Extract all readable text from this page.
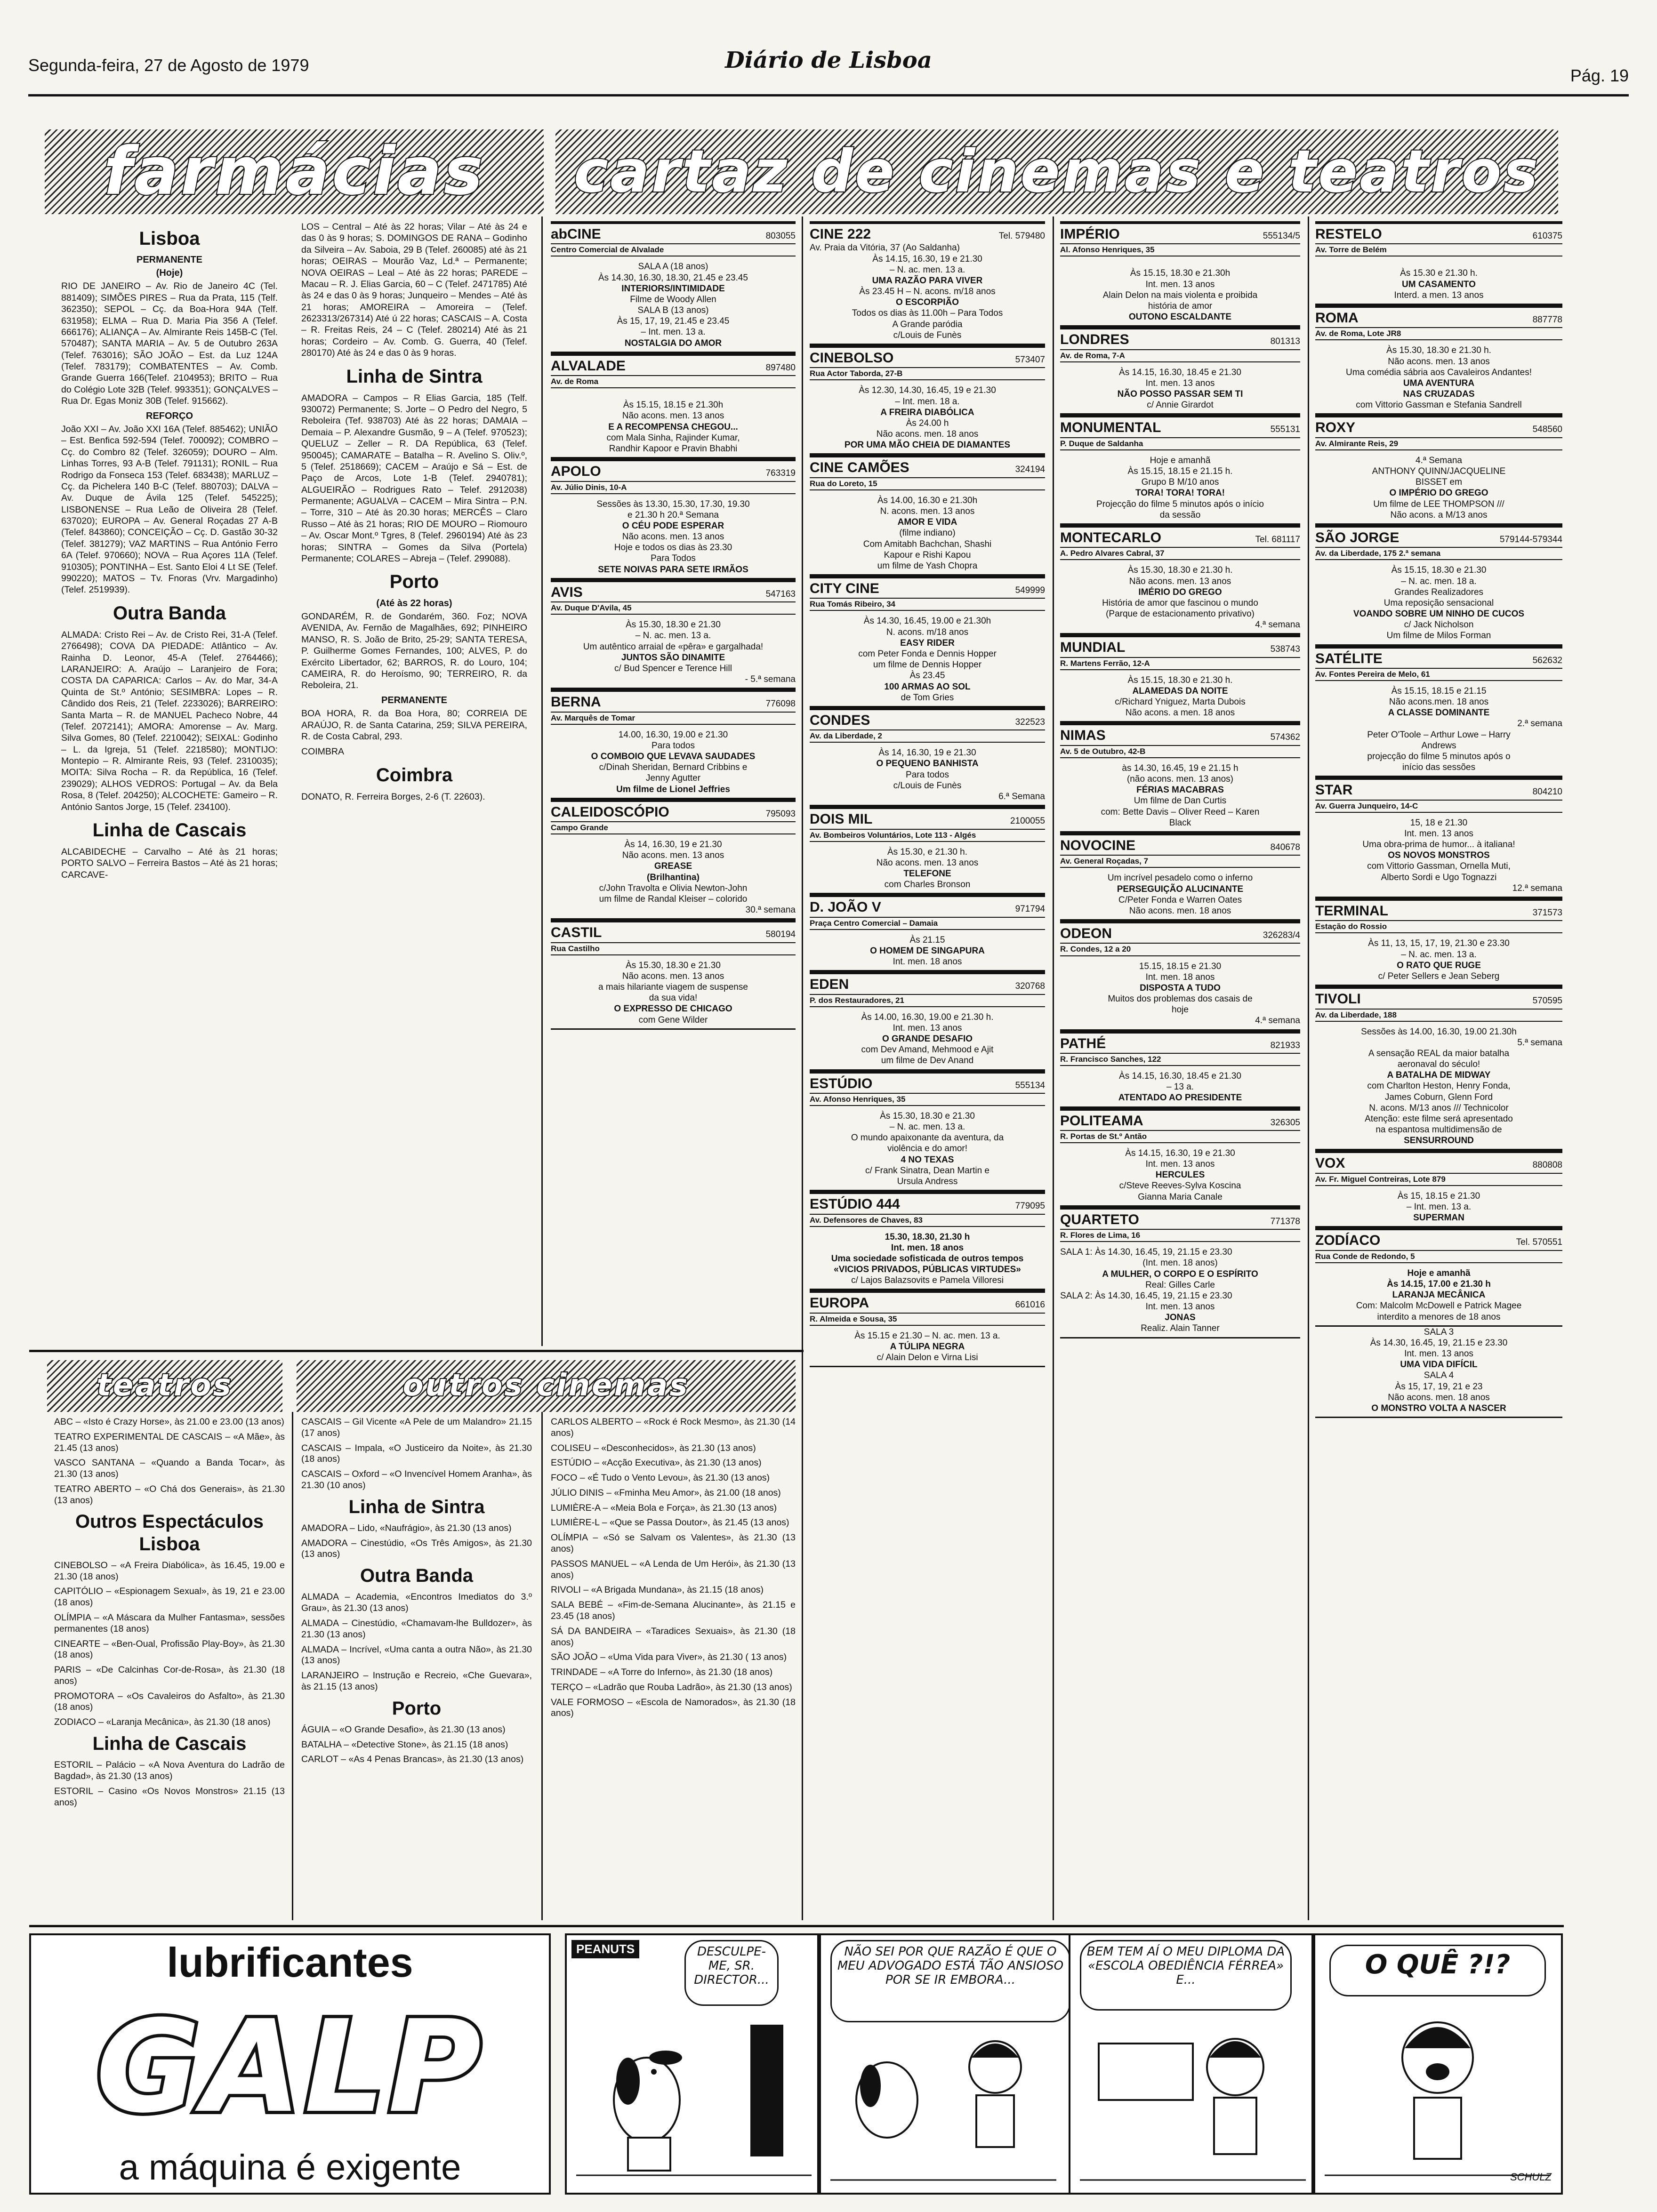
Segunda-feira, 27 de Agosto de 1979	Diário de Lisboa
Pág. 19
farmácias cartaz de cinemas e teatros
Lisboa
PERMANENTE
(Hoje)
RIO DE JANEIRO – Av. Rio de Janeiro 4C (Tel. 881409); SIMÕES PIRES – Rua da Prata, 115 (Telf. 362350); SEPOL – Cç. da Boa-Hora 94A (Telf. 631958); ELMA – Rua D. Maria Pia 356 A (Telef. 666176); ALIANÇA – Av. Almirante Reis 145B-C (Tel. 570487); SANTA MARIA – Av. 5 de Outubro 263A (Telef. 763016); SÃO JOÃO – Est. da Luz 124A (Telef. 783179); COMBATENTES – Av. Comb. Grande Guerra 166(Telef. 2104953); BRITO – Rua do Colégio Lote 32B (Telef. 993351); GONÇALVES – Rua Dr. Egas Moniz 30B (Telef. 915662).
REFORÇO
João XXI – Av. João XXI 16A (Telef. 885462); UNIÃO – Est. Benfica 592-594 (Telef. 700092); COMBRO – Cç. do Combro 82 (Telef. 326059); DOURO – Alm. Linhas Torres, 93 A-B (Telef. 791131); RONIL – Rua Rodrigo da Fonseca 153 (Telef. 683438); MARLUZ – Cç. da Pichelera 140 B-C (Telef. 880703); DALVA – Av. Duque de Ávila 125 (Telef. 545225); LISBONENSE – Rua Leão de Oliveira 28 (Telef. 637020); EUROPA – Av. General Roçadas 27 A-B (Telef. 843860); CONCEIÇÃO – Cç. D. Gastão 30-32 (Telef. 381279); VAZ MARTINS – Rua António Ferro 6A (Telef. 970660); NOVA – Rua Açores 11A (Telef. 910305); PONTINHA – Est. Santo Eloi 4 Lt SE (Telef. 990220); MATOS – Tv. Fnoras (Vrv. Margadinho) (Telef. 2519939).
Outra Banda
ALMADA: Cristo Rei – Av. de Cristo Rei, 31-A (Telef. 2766498); COVA DA PIEDADE: Atlântico – Av. Rainha D. Leonor, 45-A (Telef. 2764466); LARANJEIRO: A. Araújo – Laranjeiro de Fora; COSTA DA CAPARICA: Carlos – Av. do Mar, 34-A Quinta de St.º António; SESIMBRA: Lopes – R. Cândido dos Reis, 21 (Telef. 2233026); BARREIRO: Santa Marta – R. de MANUEL Pacheco Nobre, 44 (Telef. 2072141); AMORA: Amorense – Av. Marg. Silva Gomes, 80 (Telef. 2210042); SEIXAL: Godinho – L. da Igreja, 51 (Telef. 2218580); MONTIJO: Montepio – R. Almirante Reis, 93 (Telef. 2310035); MOITA: Silva Rocha – R. da República, 16 (Telef. 239029); ALHOS VEDROS: Portugal – Av. da Bela Rosa, 8 (Telef. 204250); ALCOCHETE: Gameiro – R. António Santos Jorge, 15 (Telef. 234100).
Linha de Cascais
ALCABIDECHE – Carvalho – Até às 21 horas; PORTO SALVO – Ferreira Bastos – Até às 21 horas; CARCAVE-
LOS – Central – Até às 22 horas; Vilar – Até às 24 e das 0 às 9 horas; S. DOMINGOS DE RANA – Godinho da Silveira – Av. Saboia, 29 B (Telef. 260085) até às 21 horas; OEIRAS – Mourão Vaz, Ld.ª – Permanente; NOVA OEIRAS – Leal – Até às 22 horas; PAREDE – Macau – R. J. Elias Garcia, 60 – C (Telef. 2471785) Até às 24 e das 0 às 9 horas; Junqueiro – Mendes – Até às 21 horas; AMOREIRA – Amoreira – (Telef. 2623313/267314) Até ú 22 horas; CASCAIS – A. Costa – R. Freitas Reis, 24 – C (Telef. 280214) Até às 21 horas; Cordeiro – Av. Comb. G. Guerra, 40 (Telef. 280170) Até às 24 e das 0 às 9 horas.
Linha de Sintra
AMADORA – Campos – R Elias Garcia, 185 (Telf. 930072) Permanente; S. Jorte – O Pedro del Negro, 5 Reboleira (Tef. 938703) Até às 22 horas; DAMAIA – Demaia – P. Alexandre Gusmão, 9 – A (Telef. 970523); QUELUZ – Zeller – R. DA República, 63 (Telef. 950045); CAMARATE – Batalha – R. Avelino S. Oliv.º, 5 (Telef. 2518669); CACEM – Araújo e Sá – Est. de Paço de Arcos, Lote 1-B (Telef. 2940781); ALGUEIRÃO – Rodrigues Rato – Telef. 2912038) Permanente; AGUALVA – CACEM – Mira Sintra – P.N. – Torre, 310 – Até às 20.30 horas; MERCÊS – Claro Russo – Até às 21 horas; RIO DE MOURO – Riomouro – Av. Oscar Mont.º Tgres, 8 (Telef. 2960194) Até às 23 horas; SINTRA – Gomes da Silva (Portela) Permanente; COLARES – Abreja – (Telef. 299088).
Porto
(Até às 22 horas)
GONDARÉM, R. de Gondarém, 360. Foz; NOVA AVENIDA, Av. Fernão de Magalhães, 692; PINHEIRO MANSO, R. S. João de Brito, 25-29; SANTA TERESA, P. Guilherme Gomes Fernandes, 100; ALVES, P. do Exército Libertador, 62; BARROS, R. do Louro, 104; CAMEIRA, R. do Heroísmo, 90; TERREIRO, R. da Reboleira, 21.
PERMANENTE
BOA HORA, R. da Boa Hora, 80; CORREIA DE ARAÚJO, R. de Santa Catarina, 259; SILVA PEREIRA, R. de Costa Cabral, 293.
COIMBRA
Coimbra
DONATO, R. Ferreira Borges, 2-6 (T. 22603).
abCINE	803055
Centro Comercial de Alvalade
SALA A (18 anos)
Às 14.30, 16.30, 18.30, 21.45 e 23.45
INTERIORS/INTIMIDADE
Filme de Woody Allen
SALA B (13 anos)
Às 15, 17, 19, 21.45 e 23.45
– Int. men. 13 a.
NOSTALGIA DO AMOR
ALVALADE	897480
Av. de Roma
Às 15.15, 18.15 e 21.30h
Não acons. men. 13 anos
E A RECOMPENSA CHEGOU...
com Mala Sinha, Rajinder Kumar,
Randhir Kapoor e Pravin Bhabhi
APOLO	763319
Av. Júlio Dinis, 10-A
Sessões às 13.30, 15.30, 17.30, 19.30
e 21.30 h 20.ª Semana
O CÉU PODE ESPERAR
Não acons. men. 13 anos
Hoje e todos os dias às 23.30
Para Todos
SETE NOIVAS PARA SETE IRMÃOS
AVIS	547163
Av. Duque D'Avila, 45
Às 15.30, 18.30 e 21.30
– N. ac. men. 13 a.
Um autêntico arraial de «pêra» e gargalhada!
JUNTOS SÃO DINAMITE
c/ Bud Spencer e Terence Hill
- 5.ª semana
BERNA	776098
Av. Marquês de Tomar
14.00, 16.30, 19.00 e 21.30
Para todos
O COMBOIO QUE LEVAVA SAUDADES
c/Dinah Sheridan, Bernard Cribbins e
Jenny Agutter
Um filme de Lionel Jeffries
CALEIDOSCÓPIO	795093
Campo Grande
Às 14, 16.30, 19 e 21.30
Não acons. men. 13 anos
GREASE
(Brilhantina)
c/John Travolta e Olivia Newton-John
um filme de Randal Kleiser – colorido
30.ª semana
CASTIL	580194
Rua Castilho
Às 15.30, 18.30 e 21.30
Não acons. men. 13 anos
a mais hilariante viagem de suspense
da sua vida!
O EXPRESSO DE CHICAGO
com Gene Wilder
CINE 222	Tel. 579480
Av. Praia da Vitória, 37 (Ao Saldanha)
Às 14.15, 16.30, 19 e 21.30
– N. ac. men. 13 a.
UMA RAZÃO PARA VIVER
Às 23.45 H – N. acons. m/18 anos
O ESCORPIÃO
Todos os dias às 11.00h – Para Todos
A Grande paródia
c/Louis de Funès
CINEBOLSO	573407
Rua Actor Taborda, 27-B
Às 12.30, 14.30, 16.45, 19 e 21.30
– Int. men. 18 a.
A FREIRA DIABÓLICA
Às 24.00 h
Não acons. men. 18 anos
POR UMA MÃO CHEIA DE DIAMANTES
CINE CAMÕES	324194
Rua do Loreto, 15
Às 14.00, 16.30 e 21.30h
N. acons. men. 13 anos
AMOR E VIDA
(filme indiano)
Com Amitabh Bachchan, Shashi
Kapour e Rishi Kapou
um filme de Yash Chopra
CITY CINE	549999
Rua Tomás Ribeiro, 34
Às 14.30, 16.45, 19.00 e 21.30h
N. acons. m/18 anos
EASY RIDER
com Peter Fonda e Dennis Hopper
um filme de Dennis Hopper
Às 23.45
100 ARMAS AO SOL
de Tom Gries
CONDES	322523
Av. da Liberdade, 2
Às 14, 16.30, 19 e 21.30
O PEQUENO BANHISTA
Para todos
c/Louis de Funès
6.ª Semana
DOIS MIL	2100055
Av. Bombeiros Voluntários, Lote 113 - Algés
Às 15.30, e 21.30 h.
Não acons. men. 13 anos
TELEFONE
com Charles Bronson
D. JOÃO V	971794
Praça Centro Comercial – Damaia
Às 21.15
O HOMEM DE SINGAPURA
Int. men. 18 anos
EDEN	320768
P. dos Restauradores, 21
Às 14.00, 16.30, 19.00 e 21.30 h.
Int. men. 13 anos
O GRANDE DESAFIO
com Dev Amand, Mehmood e Ajit
um filme de Dev Anand
ESTÚDIO	555134
Av. Afonso Henriques, 35
Às 15.30, 18.30 e 21.30
– N. ac. men. 13 a.
O mundo apaixonante da aventura, da
violência e do amor!
4 NO TEXAS
c/ Frank Sinatra, Dean Martin e
Ursula Andress
ESTÚDIO 444	779095
Av. Defensores de Chaves, 83
15.30, 18.30, 21.30 h
Int. men. 18 anos
Uma sociedade sofisticada de outros tempos
«VICIOS PRIVADOS, PÚBLICAS VIRTUDES»
c/ Lajos Balazsovits e Pamela Villoresi
EUROPA	661016
R. Almeida e Sousa, 35
Às 15.15 e 21.30 – N. ac. men. 13 a.
A TÚLIPA NEGRA
c/ Alain Delon e Virna Lisi
IMPÉRIO	555134/5
Al. Afonso Henriques, 35
Às 15.15, 18.30 e 21.30h
Int. men. 13 anos
Alain Delon na mais violenta e proibida
história de amor
OUTONO ESCALDANTE
LONDRES	801313
Av. de Roma, 7-A
Às 14.15, 16.30, 18.45 e 21.30
Int. men. 13 anos
NÃO POSSO PASSAR SEM TI
c/ Annie Girardot
MONUMENTAL	555131
P. Duque de Saldanha
Hoje e amanhã
Às 15.15, 18.15 e 21.15 h.
Grupo B M/10 anos
TORA! TORA! TORA!
Projecção do filme 5 minutos após o início
da sessão
MONTECARLO	Tel. 681117
A. Pedro Alvares Cabral, 37
Às 15.30, 18.30 e 21.30 h.
Não acons. men. 13 anos
IMÉRIO DO GREGO
História de amor que fascinou o mundo
(Parque de estacionamento privativo)
4.ª semana
MUNDIAL	538743
R. Martens Ferrão, 12-A
Às 15.15, 18.30 e 21.30 h.
ALAMEDAS DA NOITE
c/Richard Yniguez, Marta Dubois
Não acons. a men. 18 anos
NIMAS	574362
Av. 5 de Outubro, 42-B
às 14.30, 16.45, 19 e 21.15 h
(não acons. men. 13 anos)
FÉRIAS MACABRAS
Um filme de Dan Curtis
com: Bette Davis – Oliver Reed – Karen
Black
NOVOCINE	840678
Av. General Roçadas, 7
Um incrível pesadelo como o inferno
PERSEGUIÇÃO ALUCINANTE
C/Peter Fonda e Warren Oates
Não acons. men. 18 anos
ODEON	326283/4
R. Condes, 12 a 20
15.15, 18.15 e 21.30
Int. men. 18 anos
DISPOSTA A TUDO
Muitos dos problemas dos casais de
hoje
4.ª semana
PATHÉ	821933
R. Francisco Sanches, 122
Às 14.15, 16.30, 18.45 e 21.30
– 13 a.
ATENTADO AO PRESIDENTE
POLITEAMA	326305
R. Portas de St.º Antão
Às 14.15, 16.30, 19 e 21.30
Int. men. 13 anos
HERCULES
c/Steve Reeves-Sylva Koscina
Gianna Maria Canale
QUARTETO	771378
R. Flores de Lima, 16
SALA 1: Às 14.30, 16.45, 19, 21.15 e 23.30
(Int. men. 18 anos)
A MULHER, O CORPO E O ESPÍRITO
Real: Gilles Carle
SALA 2: Às 14.30, 16.45, 19, 21.15 e 23.30
Int. men. 13 anos
JONAS
Realiz. Alain Tanner
RESTELO	610375
Av. Torre de Belém
Às 15.30 e 21.30 h.
UM CASAMENTO
Interd. a men. 13 anos
ROMA	887778
Av. de Roma, Lote JR8
Às 15.30, 18.30 e 21.30 h.
Não acons. men. 13 anos
Uma comédia sábria aos Cavaleiros Andantes!
UMA AVENTURA
NAS CRUZADAS
com Vittorio Gassman e Stefania Sandrell
ROXY	548560
Av. Almirante Reis, 29
4.ª Semana
ANTHONY QUINN/JACQUELINE
BISSET em
O IMPÉRIO DO GREGO
Um filme de LEE THOMPSON ///
Não acons. a M/13 anos
SÃO JORGE	579144-579344
Av. da Liberdade, 175 2.ª semana
Às 15.15, 18.30 e 21.30
– N. ac. men. 18 a.
Grandes Realizadores
Uma reposição sensacional
VOANDO SOBRE UM NINHO DE CUCOS
c/ Jack Nicholson
Um filme de Milos Forman
SATÉLITE	562632
Av. Fontes Pereira de Melo, 61
Às 15.15, 18.15 e 21.15
Não acons.men. 18 anos
A CLASSE DOMINANTE
2.ª semana
Peter O'Toole – Arthur Lowe – Harry
Andrews
projecção do filme 5 minutos após o
início das sessões
STAR	804210
Av. Guerra Junqueiro, 14-C
15, 18 e 21.30
Int. men. 13 anos
Uma obra-prima de humor... à italiana!
OS NOVOS MONSTROS
com Vittorio Gassman, Ornella Muti,
Alberto Sordi e Ugo Tognazzi
12.ª semana
TERMINAL	371573
Estação do Rossio
Às 11, 13, 15, 17, 19, 21.30 e 23.30
– N. ac. men. 13 a.
O RATO QUE RUGE
c/ Peter Sellers e Jean Seberg
TIVOLI	570595
Av. da Liberdade, 188
Sessões às 14.00, 16.30, 19.00 21.30h
5.ª semana
A sensação REAL da maior batalha
aeronaval do século!
A BATALHA DE MIDWAY
com Charlton Heston, Henry Fonda,
James Coburn, Glenn Ford
N. acons. M/13 anos /// Technicolor
Atenção: este filme será apresentado
na espantosa multidimensão de
SENSURROUND
VOX	880808
Av. Fr. Miguel Contreiras, Lote 879
Às 15, 18.15 e 21.30
– Int. men. 13 a.
SUPERMAN
ZODÍACO	Tel. 570551
Rua Conde de Redondo, 5
Hoje e amanhã
Às 14.15, 17.00 e 21.30 h
LARANJA MECÂNICA
Com: Malcolm McDowell e Patrick Magee
interdito a menores de 18 anos
SALA 3
Às 14.30, 16.45, 19, 21.15 e 23.30
Int. men. 13 anos
UMA VIDA DIFÍCIL
SALA 4
Às 15, 17, 19, 21 e 23
Não acons. men. 18 anos
O MONSTRO VOLTA A NASCER
teatros	outros cinemas
ABC – «Isto é Crazy Horse», às 21.00 e 23.00 (13 anos)
TEATRO EXPERIMENTAL DE CASCAIS – «A Mãe», às 21.45 (13 anos)
VASCO SANTANA – «Quando a Banda Tocar», às 21.30 (13 anos)
TEATRO ABERTO – «O Chá dos Generais», às 21.30 (13 anos)
Outros Espectáculos Lisboa
CINEBOLSO – «A Freira Diabólica», às 16.45, 19.00 e 21.30 (18 anos)
CAPITÓLIO – «Espionagem Sexual», às 19, 21 e 23.00 (18 anos)
OLÍMPIA – «A Máscara da Mulher Fantasma», sessões permanentes (18 anos)
CINEARTE – «Ben-Oual, Profissão Play-Boy», às 21.30 (18 anos)
PARIS – «De Calcinhas Cor-de-Rosa», às 21.30 (18 anos)
PROMOTORA – «Os Cavaleiros do Asfalto», às 21.30 (18 anos)
ZODIACO – «Laranja Mecânica», às 21.30 (18 anos)
Linha de Cascais
ESTORIL – Palácio – «A Nova Aventura do Ladrão de Bagdad», às 21.30 (13 anos)
ESTORIL – Casino «Os Novos Monstros» 21.15 (13 anos)
CASCAIS – Gil Vicente «A Pele de um Malandro» 21.15 (17 anos)
CASCAIS – Impala, «O Justiceiro da Noite», às 21.30 (18 anos)
CASCAIS – Oxford – «O Invencível Homem Aranha», às 21.30 (10 anos)
Linha de Sintra
AMADORA – Lido, «Naufrágio», às 21.30 (13 anos)
AMADORA – Cinestúdio, «Os Três Amigos», às 21.30 (13 anos)
Outra Banda
ALMADA – Academia, «Encontros Imediatos do 3.º Grau», às 21.30 (13 anos)
ALMADA – Cinestúdio, «Chamavam-lhe Bulldozer», às 21.30 (13 anos)
ALMADA – Incrível, «Uma canta a outra Não», às 21.30 (13 anos)
LARANJEIRO – Instrução e Recreio, «Che Guevara», às 21.15 (13 anos)
Porto
ÁGUIA – «O Grande Desafio», às 21.30 (13 anos)
BATALHA – «Detective Stone», às 21.15 (18 anos)
CARLOT – «As 4 Penas Brancas», às 21.30 (13 anos)
CARLOS ALBERTO – «Rock é Rock Mesmo», às 21.30 (14 anos)
COLISEU – «Desconhecidos», às 21.30 (13 anos)
ESTÚDIO – «Acção Executiva», às 21.30 (13 anos)
FOCO – «É Tudo o Vento Levou», às 21.30 (13 anos)
JÚLIO DINIS – «Fminha Meu Amor», às 21.00 (18 anos)
LUMIÈRE-A – «Meia Bola e Força», às 21.30 (13 anos)
LUMIÈRE-L – «Que se Passa Doutor», às 21.45 (13 anos)
OLÍMPIA – «Só se Salvam os Valentes», às 21.30 (13 anos)
PASSOS MANUEL – «A Lenda de Um Herói», às 21.30 (13 anos)
RIVOLI – «A Brigada Mundana», às 21.15 (18 anos)
SALA BEBÉ – «Fim-de-Semana Alucinante», às 21.15 e 23.45 (18 anos)
SÁ DA BANDEIRA – «Taradices Sexuais», às 21.30 (18 anos)
SÃO JOÃO – «Uma Vida para Viver», às 21.30 ( 13 anos)
TRINDADE – «A Torre do Inferno», às 21.30 (18 anos)
TERÇO – «Ladrão que Rouba Ladrão», às 21.30 (13 anos)
VALE FORMOSO – «Escola de Namorados», às 21.30 (18 anos)
lubrificantes
GALP
a máquina é exigente
PEANUTS	DESCULPE-ME, SR. DIRECTOR...
NÃO SEI POR QUE RAZÃO É QUE O MEU ADVOGADO ESTÁ TÃO ANSIOSO POR SE IR EMBORA...
BEM TEM AÍ O MEU DIPLOMA DA «ESCOLA OBEDIÊNCIA FÉRREA» E...	O QUÊ ?!?
SCHULZ
